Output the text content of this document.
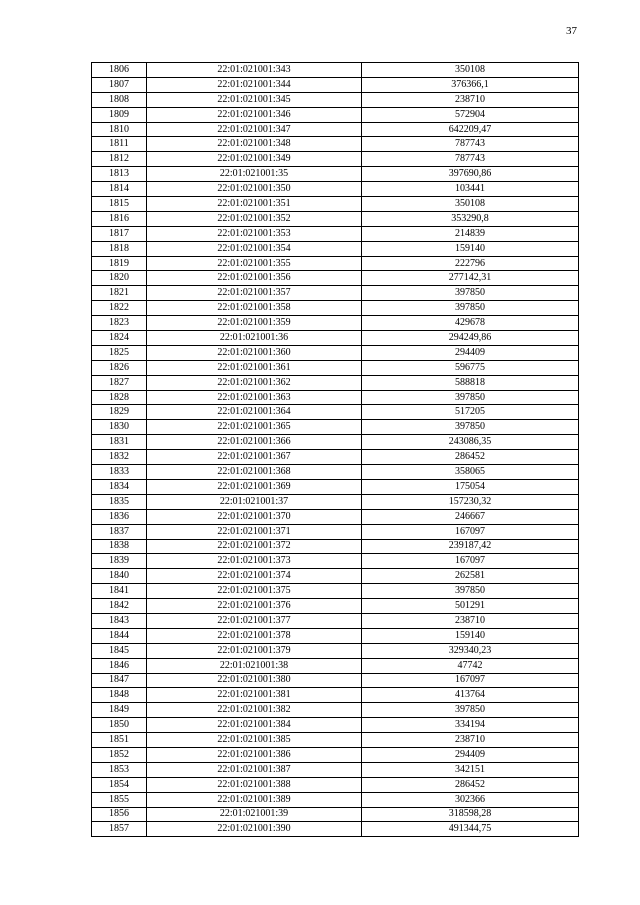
37
1806	22:01:021001:343	350108
1807	22:01:021001:344	376366,1
1808	22:01:021001:345	238710
1809	22:01:021001:346	572904
1810	22:01:021001:347	642209,47
1811	22:01:021001:348	787743
1812	22:01:021001:349	787743
1813	22:01:021001:35	397690,86
1814	22:01:021001:350	103441
1815	22:01:021001:351	350108
1816	22:01:021001:352	353290,8
1817	22:01:021001:353	214839
1818	22:01:021001:354	159140
1819	22:01:021001:355	222796
1820	22:01:021001:356	277142,31
1821	22:01:021001:357	397850
1822	22:01:021001:358	397850
1823	22:01:021001:359	429678
1824	22:01:021001:36	294249,86
1825	22:01:021001:360	294409
1826	22:01:021001:361	596775
1827	22:01:021001:362	588818
1828	22:01:021001:363	397850
1829	22:01:021001:364	517205
1830	22:01:021001:365	397850
1831	22:01:021001:366	243086,35
1832	22:01:021001:367	286452
1833	22:01:021001:368	358065
1834	22:01:021001:369	175054
1835	22:01:021001:37	157230,32
1836	22:01:021001:370	246667
1837	22:01:021001:371	167097
1838	22:01:021001:372	239187,42
1839	22:01:021001:373	167097
1840	22:01:021001:374	262581
1841	22:01:021001:375	397850
1842	22:01:021001:376	501291
1843	22:01:021001:377	238710
1844	22:01:021001:378	159140
1845	22:01:021001:379	329340,23
1846	22:01:021001:38	47742
1847	22:01:021001:380	167097
1848	22:01:021001:381	413764
1849	22:01:021001:382	397850
1850	22:01:021001:384	334194
1851	22:01:021001:385	238710
1852	22:01:021001:386	294409
1853	22:01:021001:387	342151
1854	22:01:021001:388	286452
1855	22:01:021001:389	302366
1856	22:01:021001:39	318598,28
1857	22:01:021001:390	491344,75
